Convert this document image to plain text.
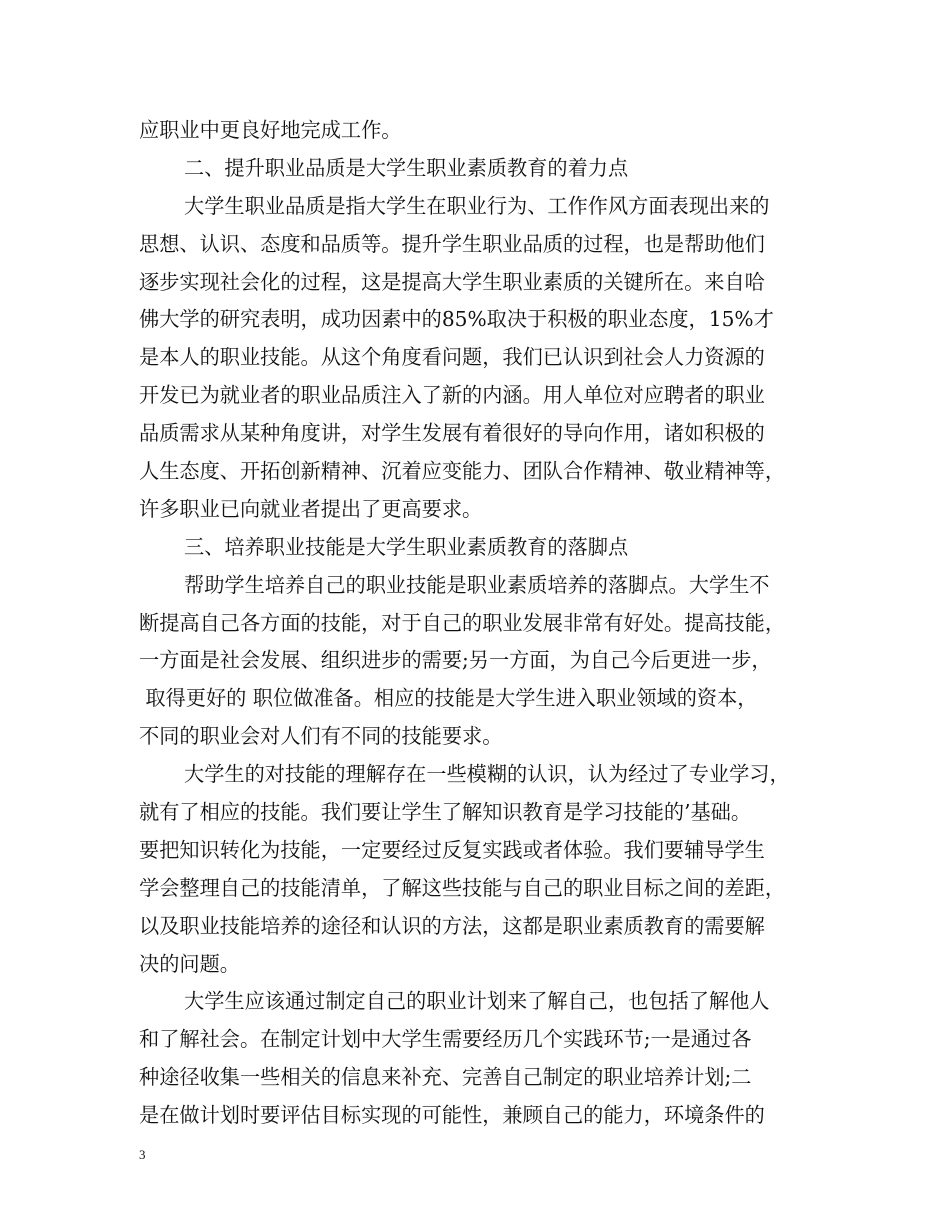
应职业中更良好地完成工作。
二、提升职业品质是大学生职业素质教育的着力点
大学生职业品质是指大学生在职业行为、工作作风方面表现出来的
思想、认识、态度和品质等。提升学生职业品质的过程，也是帮助他们
逐步实现社会化的过程，这是提高大学生职业素质的关键所在。来自哈
佛大学的研究表明，成功因素中的85%取决于积极的职业态度，15%才
是本人的职业技能。从这个角度看问题，我们已认识到社会人力资源的
开发已为就业者的职业品质注入了新的内涵。用人单位对应聘者的职业
品质需求从某种角度讲，对学生发展有着很好的导向作用，诸如积极的
人生态度、开拓创新精神、沉着应变能力、团队合作精神、敬业精神等，
许多职业已向就业者提出了更高要求。
三、培养职业技能是大学生职业素质教育的落脚点
帮助学生培养自己的职业技能是职业素质培养的落脚点。大学生不
断提高自己各方面的技能，对于自己的职业发展非常有好处。提高技能，
一方面是社会发展、组织进步的需要;另一方面，为自己今后更进一步，
取得更好的 职位做准备。相应的技能是大学生进入职业领域的资本，
不同的职业会对人们有不同的技能要求。
大学生的对技能的理解存在一些模糊的认识，认为经过了专业学习，
就有了相应的技能。我们要让学生了解知识教育是学习技能的’基础。
要把知识转化为技能，一定要经过反复实践或者体验。我们要辅导学生
学会整理自己的技能清单，了解这些技能与自己的职业目标之间的差距，
以及职业技能培养的途径和认识的方法，这都是职业素质教育的需要解
决的问题。
大学生应该通过制定自己的职业计划来了解自己，也包括了解他人
和了解社会。在制定计划中大学生需要经历几个实践环节;一是通过各
种途径收集一些相关的信息来补充、完善自己制定的职业培养计划;二
是在做计划时要评估目标实现的可能性，兼顾自己的能力，环境条件的
3
